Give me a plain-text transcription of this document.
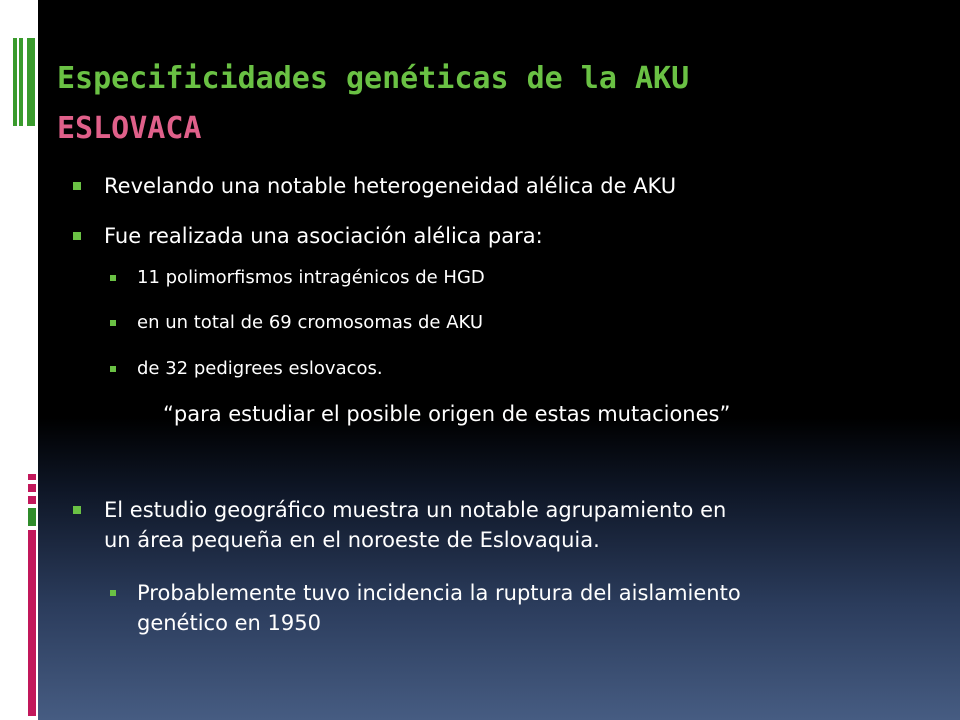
Especificidades genéticas de la AKU
ESLOVACA
Revelando una notable heterogeneidad alélica de AKU
Fue realizada una asociación alélica para:
11 polimorfismos intragénicos de HGD
en un total de 69 cromosomas de AKU
de 32 pedigrees eslovacos.
“para estudiar el posible origen de estas mutaciones”
El estudio geográfico muestra un notable agrupamiento en
un área pequeña en el noroeste de Eslovaquia.
Probablemente tuvo incidencia la ruptura del aislamiento
genético en 1950
